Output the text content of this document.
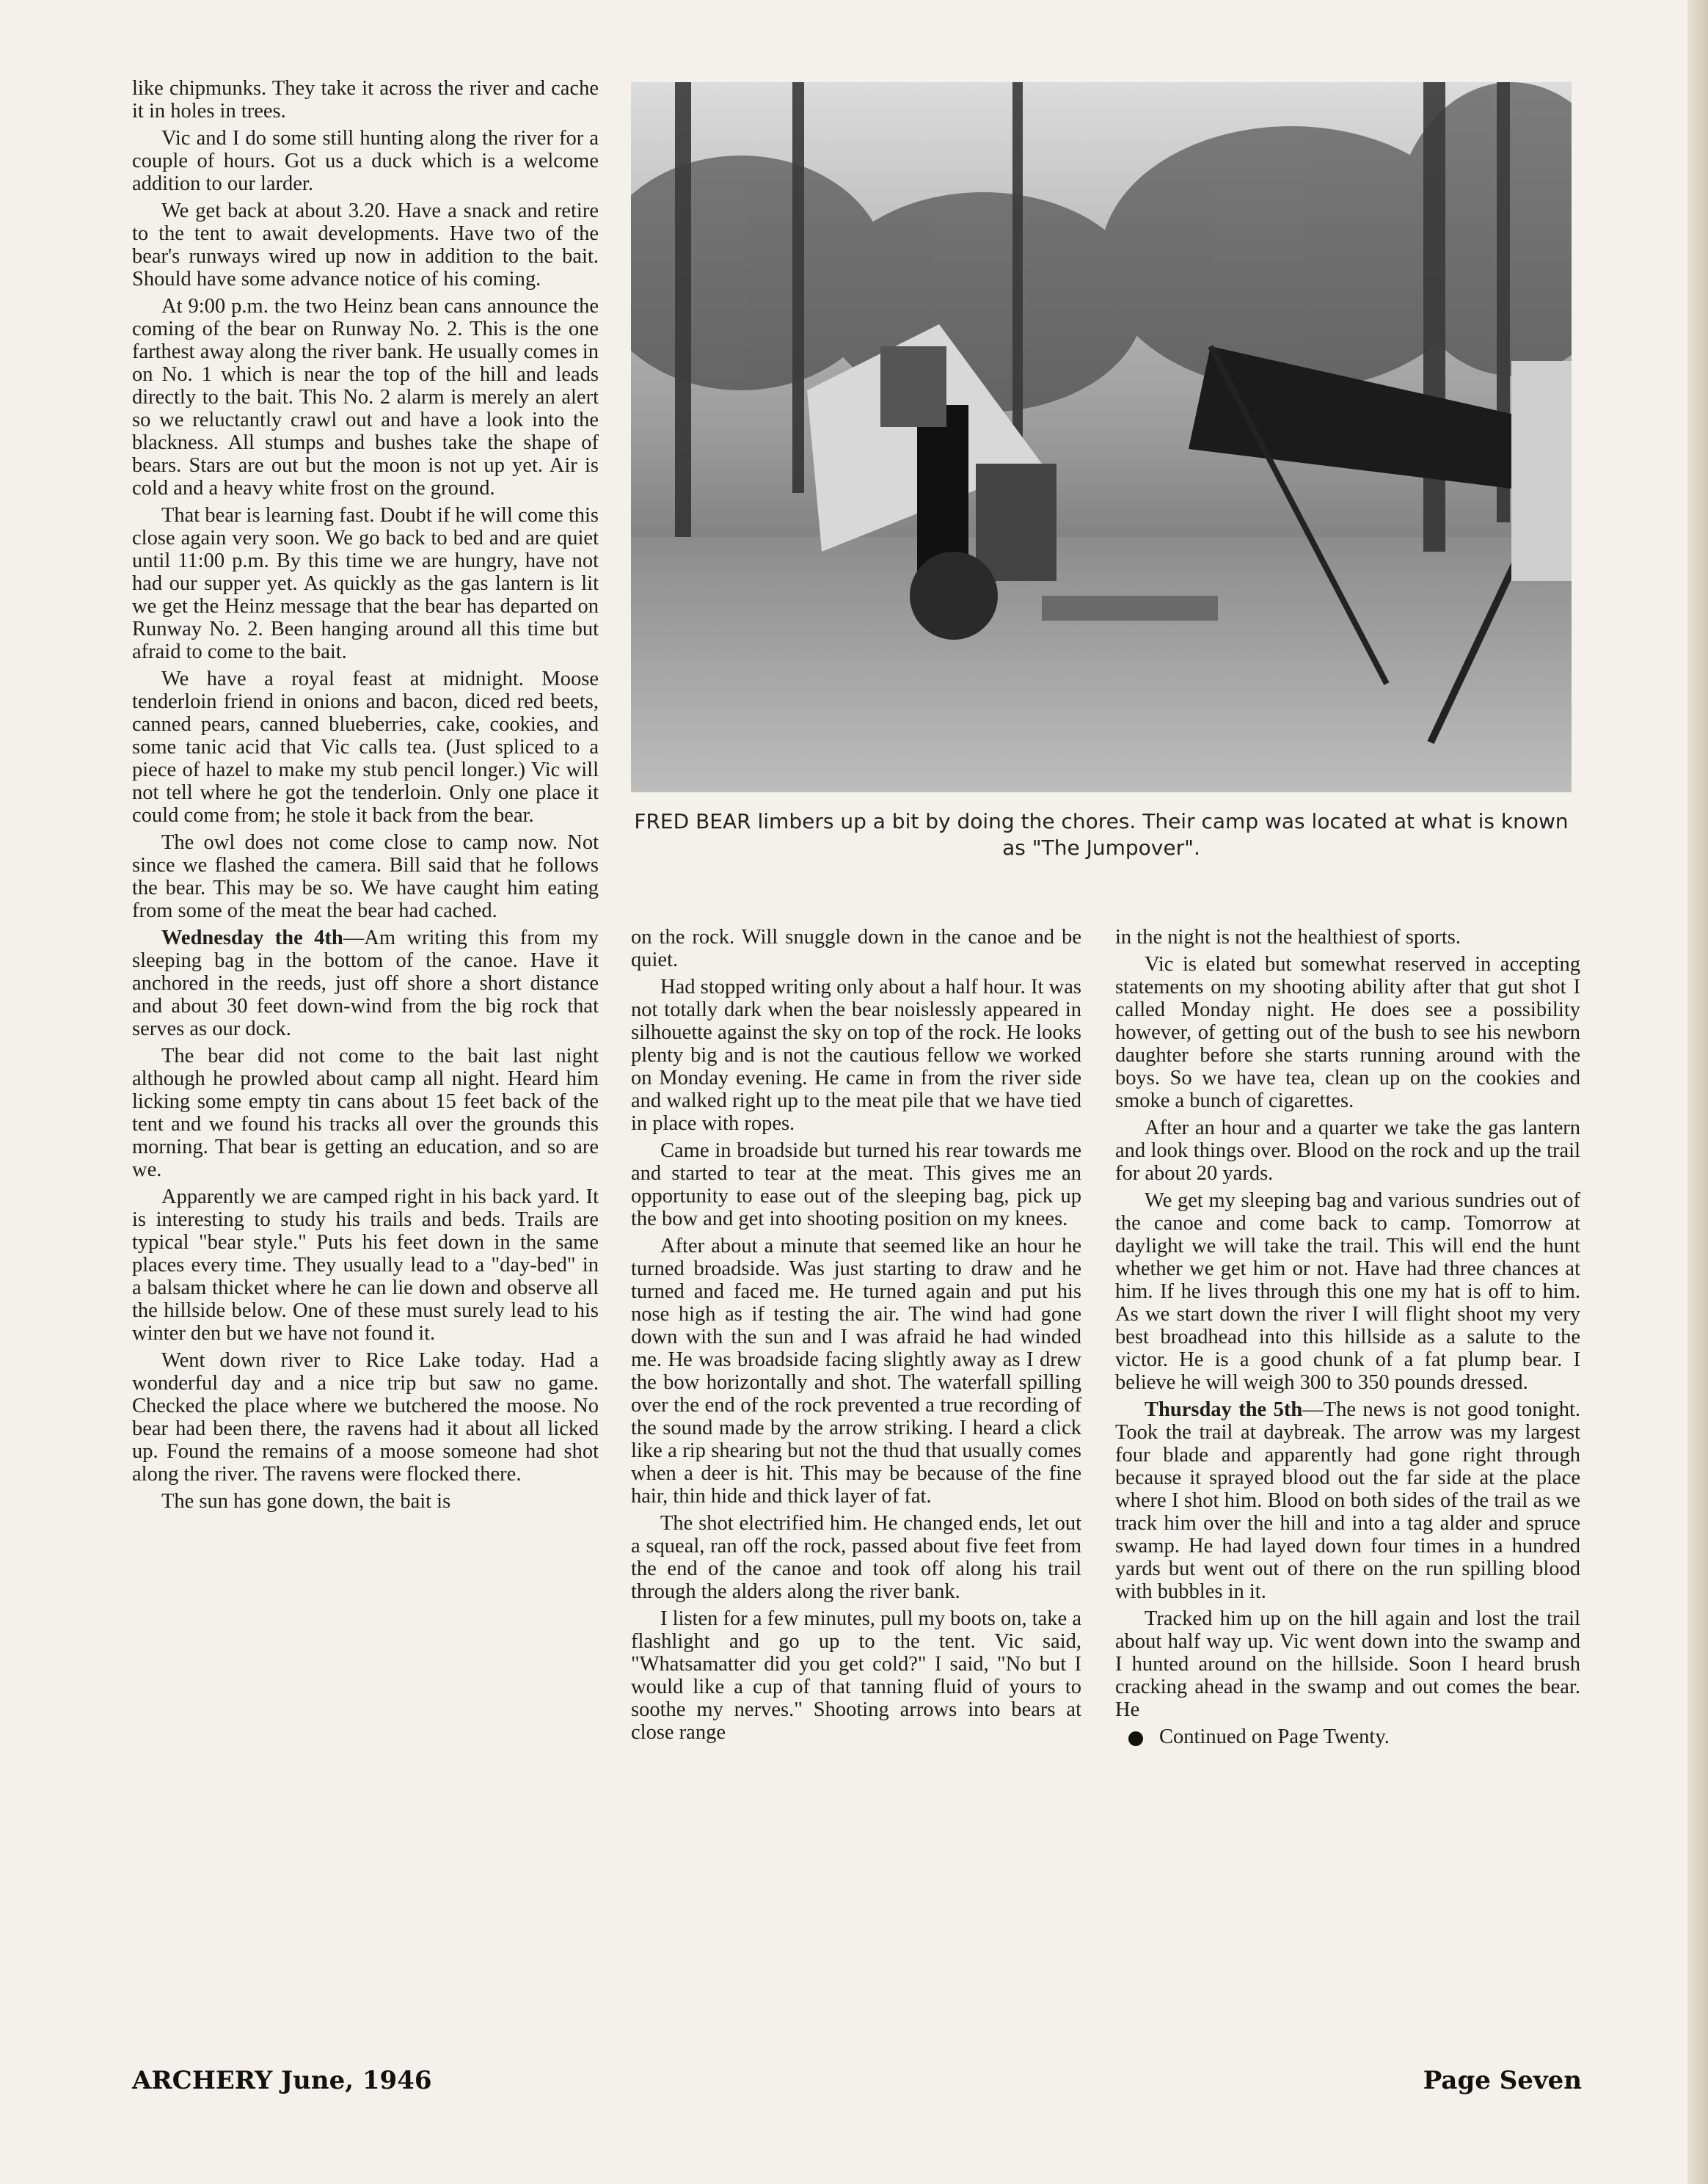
like chipmunks. They take it across the river and cache it in holes in trees.

Vic and I do some still hunting along the river for a couple of hours. Got us a duck which is a welcome addition to our larder.

We get back at about 3.20. Have a snack and retire to the tent to await developments. Have two of the bear's runways wired up now in addition to the bait. Should have some advance notice of his coming.

At 9:00 p.m. the two Heinz bean cans announce the coming of the bear on Runway No. 2. This is the one farthest away along the river bank. He usually comes in on No. 1 which is near the top of the hill and leads directly to the bait. This No. 2 alarm is merely an alert so we reluctantly crawl out and have a look into the blackness. All stumps and bushes take the shape of bears. Stars are out but the moon is not up yet. Air is cold and a heavy white frost on the ground.

That bear is learning fast. Doubt if he will come this close again very soon. We go back to bed and are quiet until 11:00 p.m. By this time we are hungry, have not had our supper yet. As quickly as the gas lantern is lit we get the Heinz message that the bear has departed on Runway No. 2. Been hanging around all this time but afraid to come to the bait.

We have a royal feast at midnight. Moose tenderloin friend in onions and bacon, diced red beets, canned pears, canned blueberries, cake, cookies, and some tanic acid that Vic calls tea. (Just spliced to a piece of hazel to make my stub pencil longer.) Vic will not tell where he got the tenderloin. Only one place it could come from; he stole it back from the bear.

The owl does not come close to camp now. Not since we flashed the camera. Bill said that he follows the bear. This may be so. We have caught him eating from some of the meat the bear had cached.

Wednesday the 4th—Am writing this from my sleeping bag in the bottom of the canoe. Have it anchored in the reeds, just off shore a short distance and about 30 feet down-wind from the big rock that serves as our dock.

The bear did not come to the bait last night although he prowled about camp all night. Heard him licking some empty tin cans about 15 feet back of the tent and we found his tracks all over the grounds this morning. That bear is getting an education, and so are we.

Apparently we are camped right in his back yard. It is interesting to study his trails and beds. Trails are typical "bear style." Puts his feet down in the same places every time. They usually lead to a "day-bed" in a balsam thicket where he can lie down and observe all the hillside below. One of these must surely lead to his winter den but we have not found it.

Went down river to Rice Lake today. Had a wonderful day and a nice trip but saw no game. Checked the place where we butchered the moose. No bear had been there, the ravens had it about all licked up. Found the remains of a moose someone had shot along the river. The ravens were flocked there.

The sun has gone down, the bait is

FRED BEAR limbers up a bit by doing the chores. Their camp was located at what is known as "The Jumpover".

on the rock. Will snuggle down in the canoe and be quiet.

Had stopped writing only about a half hour. It was not totally dark when the bear noislessly appeared in silhouette against the sky on top of the rock. He looks plenty big and is not the cautious fellow we worked on Monday evening. He came in from the river side and walked right up to the meat pile that we have tied in place with ropes.

Came in broadside but turned his rear towards me and started to tear at the meat. This gives me an opportunity to ease out of the sleeping bag, pick up the bow and get into shooting position on my knees.

After about a minute that seemed like an hour he turned broadside. Was just starting to draw and he turned and faced me. He turned again and put his nose high as if testing the air. The wind had gone down with the sun and I was afraid he had winded me. He was broadside facing slightly away as I drew the bow horizontally and shot. The waterfall spilling over the end of the rock prevented a true recording of the sound made by the arrow striking. I heard a click like a rip shearing but not the thud that usually comes when a deer is hit. This may be because of the fine hair, thin hide and thick layer of fat.

The shot electrified him. He changed ends, let out a squeal, ran off the rock, passed about five feet from the end of the canoe and took off along his trail through the alders along the river bank.

I listen for a few minutes, pull my boots on, take a flashlight and go up to the tent. Vic said, "Whatsamatter did you get cold?" I said, "No but I would like a cup of that tanning fluid of yours to soothe my nerves." Shooting arrows into bears at close range

in the night is not the healthiest of sports.

Vic is elated but somewhat reserved in accepting statements on my shooting ability after that gut shot I called Monday night. He does see a possibility however, of getting out of the bush to see his newborn daughter before she starts running around with the boys. So we have tea, clean up on the cookies and smoke a bunch of cigarettes.

After an hour and a quarter we take the gas lantern and look things over. Blood on the rock and up the trail for about 20 yards.

We get my sleeping bag and various sundries out of the canoe and come back to camp. Tomorrow at daylight we will take the trail. This will end the hunt whether we get him or not. Have had three chances at him. If he lives through this one my hat is off to him. As we start down the river I will flight shoot my very best broadhead into this hillside as a salute to the victor. He is a good chunk of a fat plump bear. I believe he will weigh 300 to 350 pounds dressed.

Thursday the 5th—The news is not good tonight. Took the trail at daybreak. The arrow was my largest four blade and apparently had gone right through because it sprayed blood out the far side at the place where I shot him. Blood on both sides of the trail as we track him over the hill and into a tag alder and spruce swamp. He had layed down four times in a hundred yards but went out of there on the run spilling blood with bubbles in it.

Tracked him up on the hill again and lost the trail about half way up. Vic went down into the swamp and I hunted around on the hillside. Soon I heard brush cracking ahead in the swamp and out comes the bear. He

Continued on Page Twenty.

ARCHERY June, 1946	Page Seven
